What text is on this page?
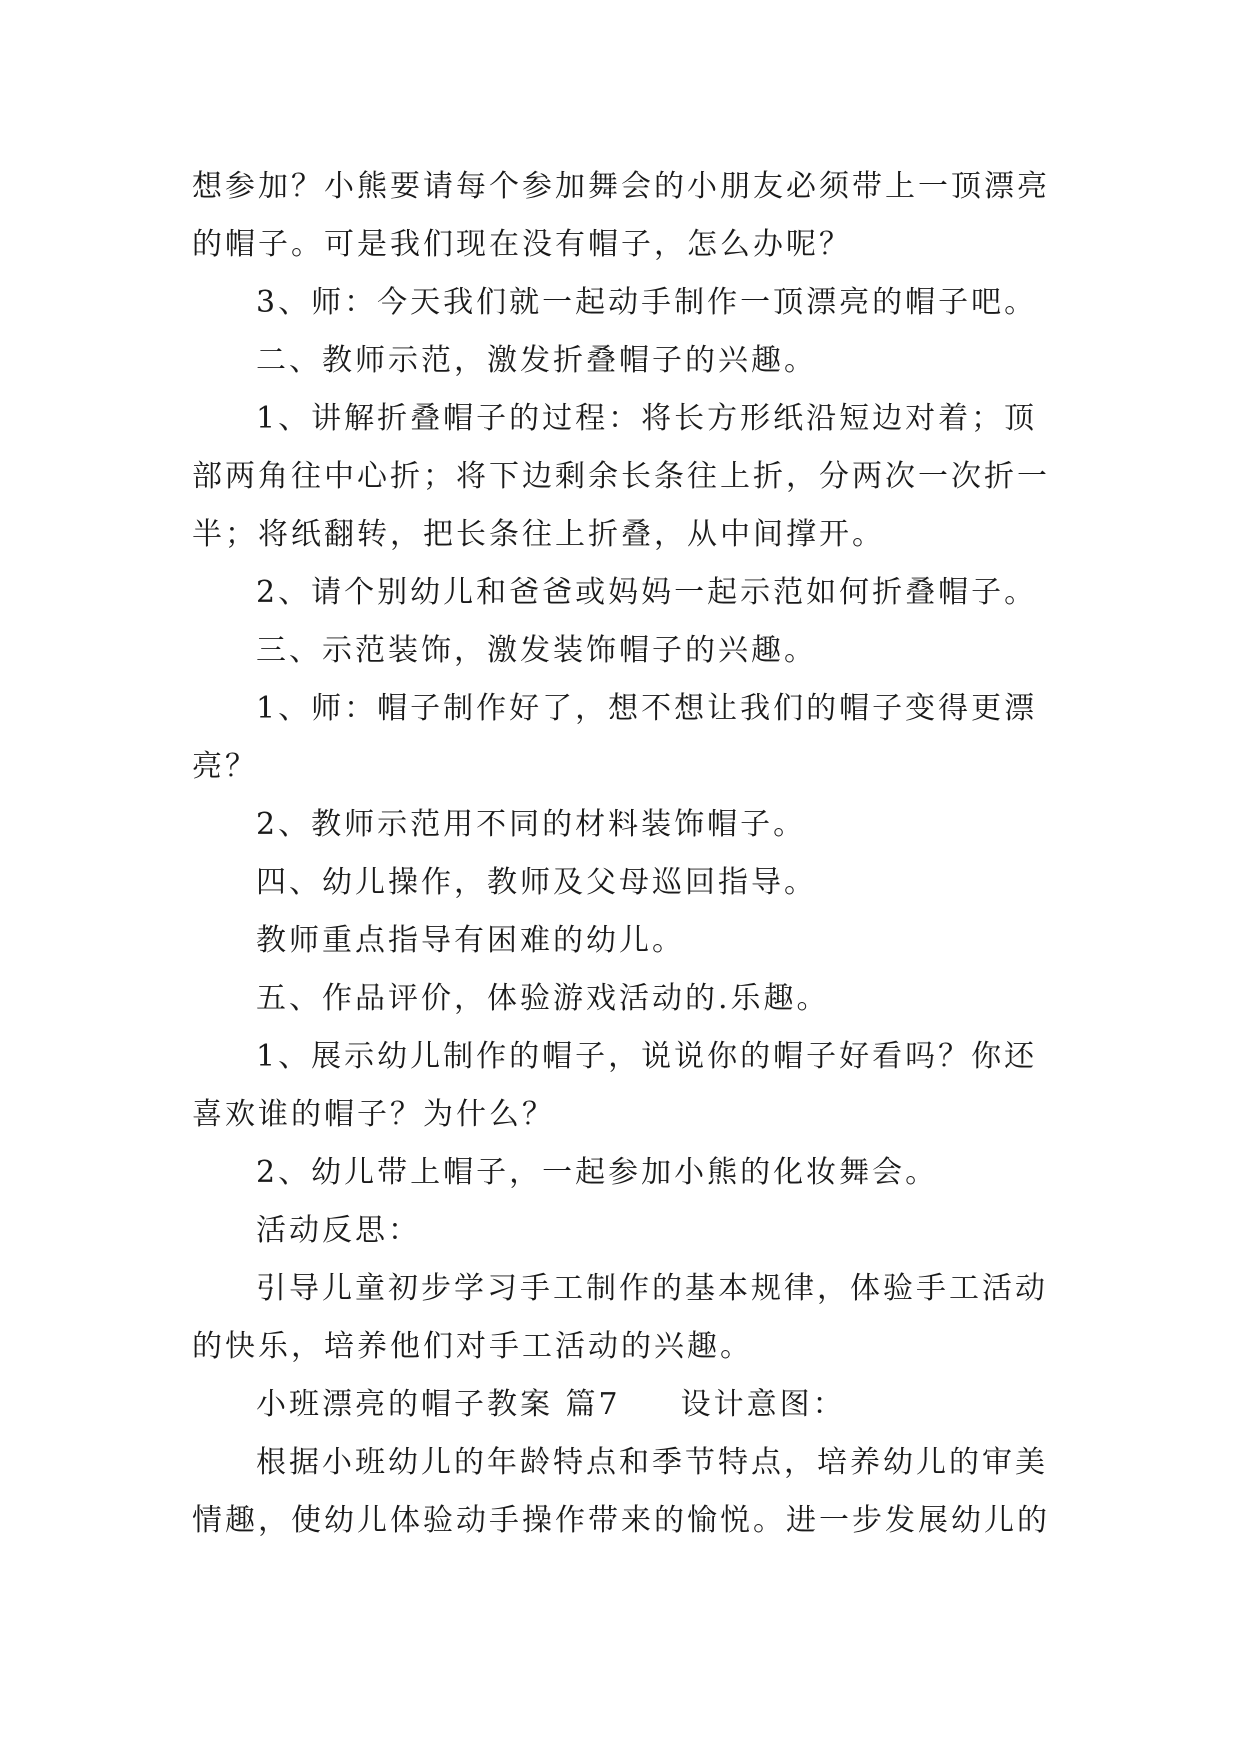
想参加？小熊要请每个参加舞会的小朋友必须带上一顶漂亮的帽子。可是我们现在没有帽子，怎么办呢？

3、师：今天我们就一起动手制作一顶漂亮的帽子吧。

二、教师示范，激发折叠帽子的兴趣。

1、讲解折叠帽子的过程：将长方形纸沿短边对着；顶部两角往中心折；将下边剩余长条往上折，分两次一次折一半；将纸翻转，把长条往上折叠，从中间撑开。

2、请个别幼儿和爸爸或妈妈一起示范如何折叠帽子。

三、示范装饰，激发装饰帽子的兴趣。

1、师：帽子制作好了，想不想让我们的帽子变得更漂亮？

2、教师示范用不同的材料装饰帽子。

四、幼儿操作，教师及父母巡回指导。

教师重点指导有困难的幼儿。

五、作品评价，体验游戏活动的.乐趣。

1、展示幼儿制作的帽子，说说你的帽子好看吗？你还喜欢谁的帽子？为什么？

2、幼儿带上帽子，一起参加小熊的化妆舞会。

活动反思：

引导儿童初步学习手工制作的基本规律，体验手工活动的快乐，培养他们对手工活动的兴趣。

小班漂亮的帽子教案 篇7 设计意图：

根据小班幼儿的年龄特点和季节特点，培养幼儿的审美情趣，使幼儿体验动手操作带来的愉悦。进一步发展幼儿的
